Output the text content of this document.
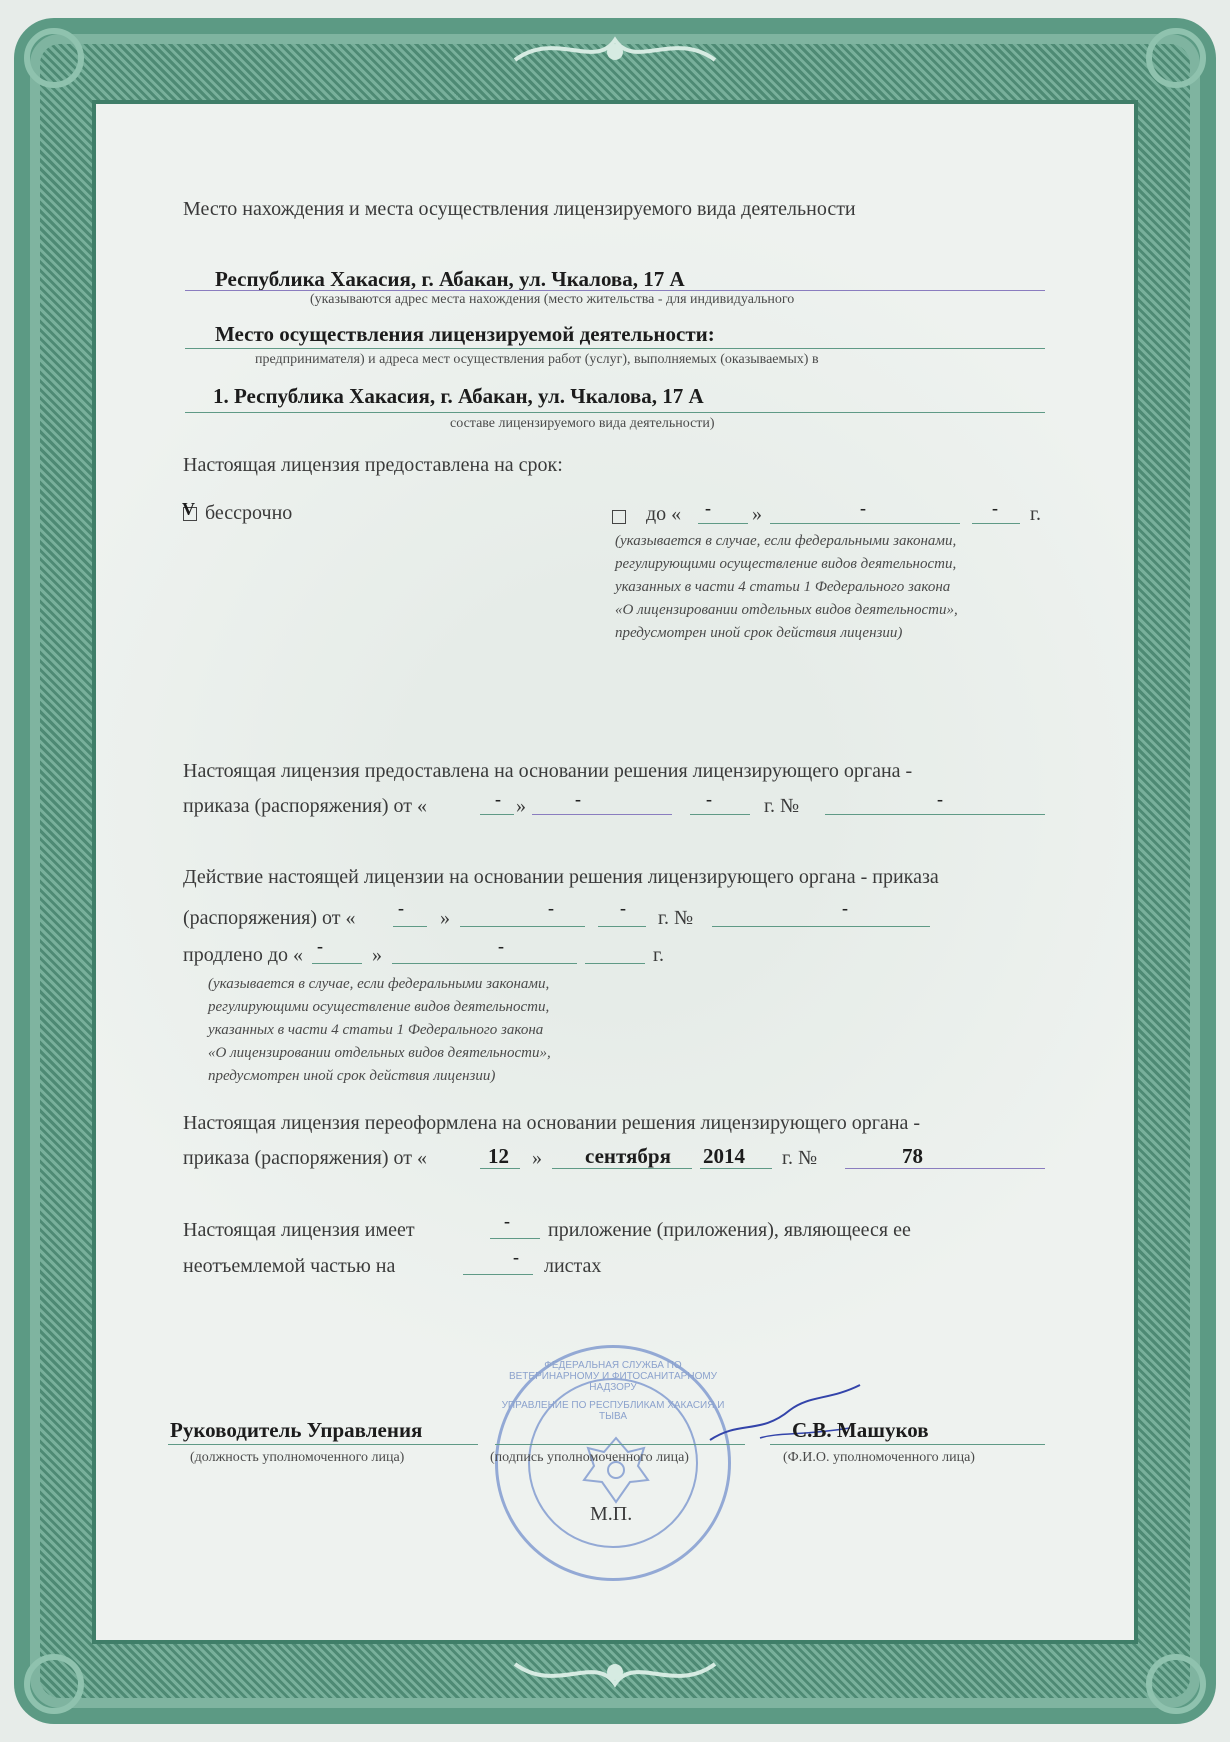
Место нахождения и места осуществления лицензируемого вида деятельности
Республика Хакасия, г. Абакан, ул. Чкалова, 17 А
(указываются адрес места нахождения (место жительства - для индивидуального
Место осуществления лицензируемой деятельности:
предпринимателя) и адреса мест осуществления работ (услуг), выполняемых (оказываемых) в
1. Республика Хакасия, г. Абакан, ул. Чкалова, 17 А
составе лицензируемого вида деятельности)
Настоящая лицензия предоставлена на срок:
V бессрочно	до « - »	-	- г.
(указывается в случае, если федеральными законами,
регулирующими осуществление видов деятельности,
указанных в части 4 статьи 1 Федерального закона
«О лицензировании отдельных видов деятельности»,
предусмотрен иной срок действия лицензии)
Настоящая лицензия предоставлена на основании решения лицензирующего органа -
приказа (распоряжения) от «	- »	-	-	г. №	-
Действие настоящей лицензии на основании решения лицензирующего органа - приказа
(распоряжения) от « - »	-	- г. №	-
продлено до « - »	-	г.
(указывается в случае, если федеральными законами,
регулирующими осуществление видов деятельности,
указанных в части 4 статьи 1 Федерального закона
«О лицензировании отдельных видов деятельности»,
предусмотрен иной срок действия лицензии)
Настоящая лицензия переоформлена на основании решения лицензирующего органа -
приказа (распоряжения) от «	12 » сентября 2014 г. №	78
Настоящая лицензия имеет	- приложение (приложения), являющееся ее
неотъемлемой частью на	- листах
ФЕДЕРАЛЬНАЯ СЛУЖБА ПО ВЕТЕРИНАРНОМУ И ФИТОСАНИТАРНОМУ НАДЗОРУ
УПРАВЛЕНИЕ ПО РЕСПУБЛИКАМ ХАКАСИЯ И ТЫВА
Руководитель Управления
(должность уполномоченного лица)	(подпись уполномоченного лица)
С.В. Машуков
(Ф.И.О. уполномоченного лица)
М.П.
